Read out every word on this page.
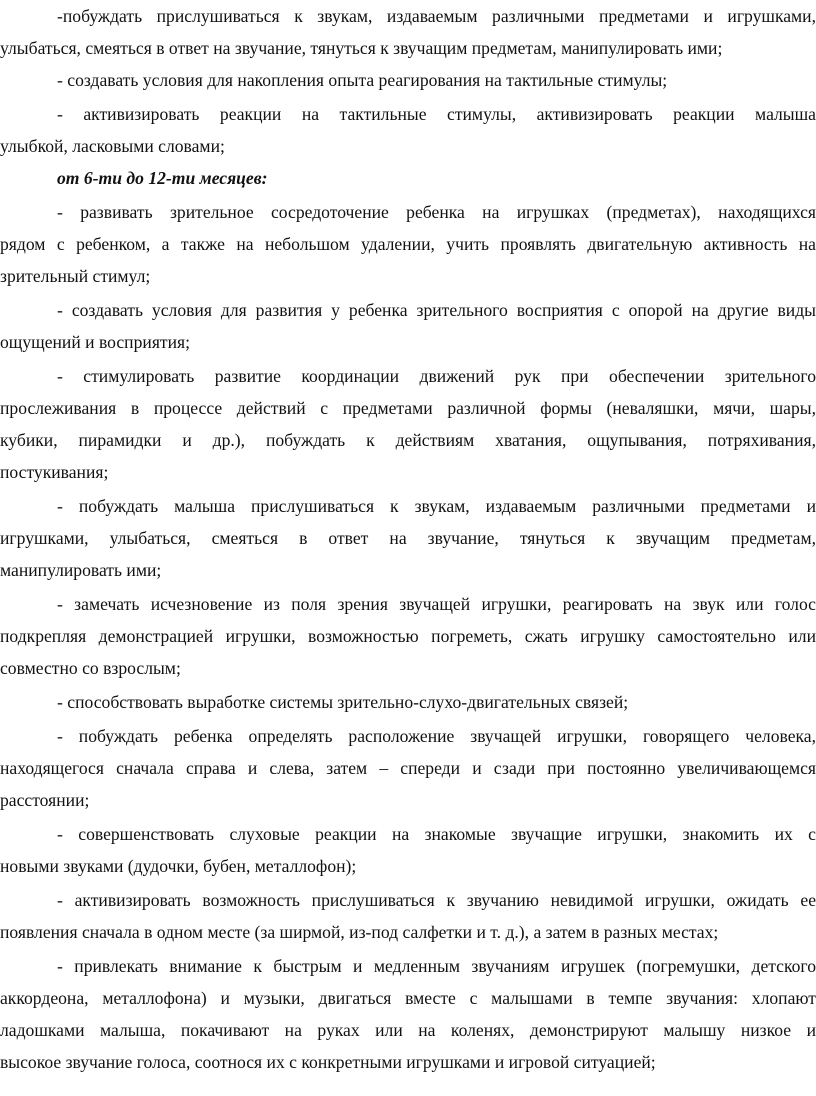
-побуждать прислушиваться к звукам, издаваемым различными предметами и игрушками,
улыбаться, смеяться в ответ на звучание, тянуться к звучащим предметам, манипулировать ими;
- создавать условия для накопления опыта реагирования на тактильные стимулы;
- активизировать реакции на тактильные стимулы, активизировать реакции малыша
улыбкой, ласковыми словами;
от 6-ти до 12-ти месяцев:
- развивать зрительное сосредоточение ребенка на игрушках (предметах), находящихся
рядом с ребенком, а также на небольшом удалении, учить проявлять двигательную активность на
зрительный стимул;
- создавать условия для развития у ребенка зрительного восприятия с опорой на другие виды
ощущений и восприятия;
- стимулировать развитие координации движений рук при обеспечении зрительного
прослеживания в процессе действий с предметами различной формы (неваляшки, мячи, шары,
кубики, пирамидки и др.), побуждать к действиям хватания, ощупывания, потряхивания,
постукивания;
- побуждать малыша прислушиваться к звукам, издаваемым различными предметами и
игрушками, улыбаться, смеяться в ответ на звучание, тянуться к звучащим предметам,
манипулировать ими;
- замечать исчезновение из поля зрения звучащей игрушки, реагировать на звук или голос
подкрепляя демонстрацией игрушки, возможностью погреметь, сжать игрушку самостоятельно или
совместно со взрослым;
- способствовать выработке системы зрительно-слухо-двигательных связей;
- побуждать ребенка определять расположение звучащей игрушки, говорящего человека,
находящегося сначала справа и слева, затем – спереди и сзади при постоянно увеличивающемся
расстоянии;
- совершенствовать слуховые реакции на знакомые звучащие игрушки, знакомить их с
новыми звуками (дудочки, бубен, металлофон);
- активизировать возможность прислушиваться к звучанию невидимой игрушки, ожидать ее
появления сначала в одном месте (за ширмой, из-под салфетки и т. д.), а затем в разных местах;
- привлекать внимание к быстрым и медленным звучаниям игрушек (погремушки, детского
аккордеона, металлофона) и музыки, двигаться вместе с малышами в темпе звучания: хлопают
ладошками малыша, покачивают на руках или на коленях, демонстрируют малышу низкое и
высокое звучание голоса, соотнося их с конкретными игрушками и игровой ситуацией;
